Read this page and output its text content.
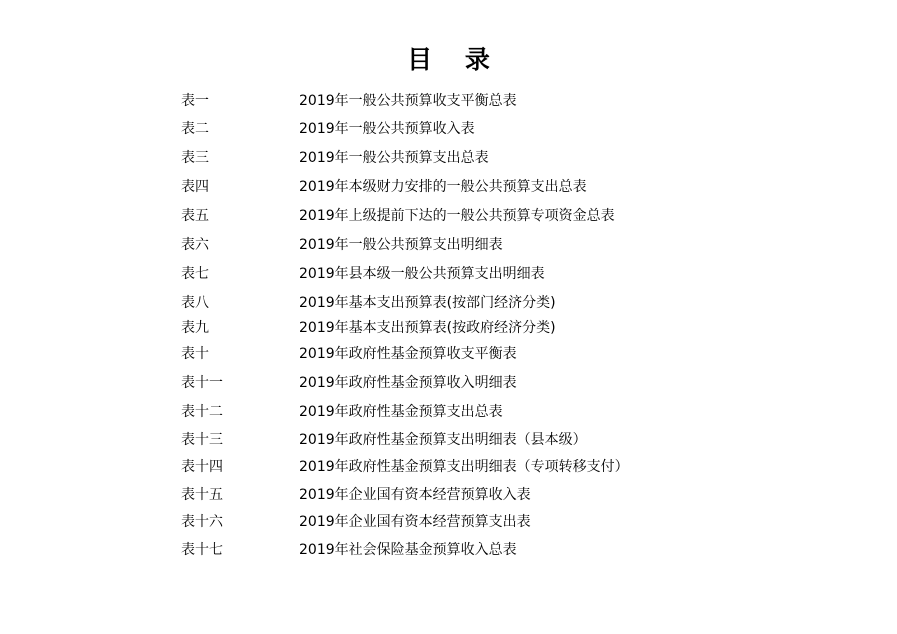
目 录
表一	2019年一般公共预算收支平衡总表
表二	2019年一般公共预算收入表
表三	2019年一般公共预算支出总表
表四	2019年本级财力安排的一般公共预算支出总表
表五	2019年上级提前下达的一般公共预算专项资金总表
表六	2019年一般公共预算支出明细表
表七	2019年县本级一般公共预算支出明细表
表八	2019年基本支出预算表(按部门经济分类)
表九	2019年基本支出预算表(按政府经济分类)
表十	2019年政府性基金预算收支平衡表
表十一	2019年政府性基金预算收入明细表
表十二	2019年政府性基金预算支出总表
表十三	2019年政府性基金预算支出明细表（县本级）
表十四	2019年政府性基金预算支出明细表（专项转移支付）
表十五	2019年企业国有资本经营预算收入表
表十六	2019年企业国有资本经营预算支出表
表十七	2019年社会保险基金预算收入总表
